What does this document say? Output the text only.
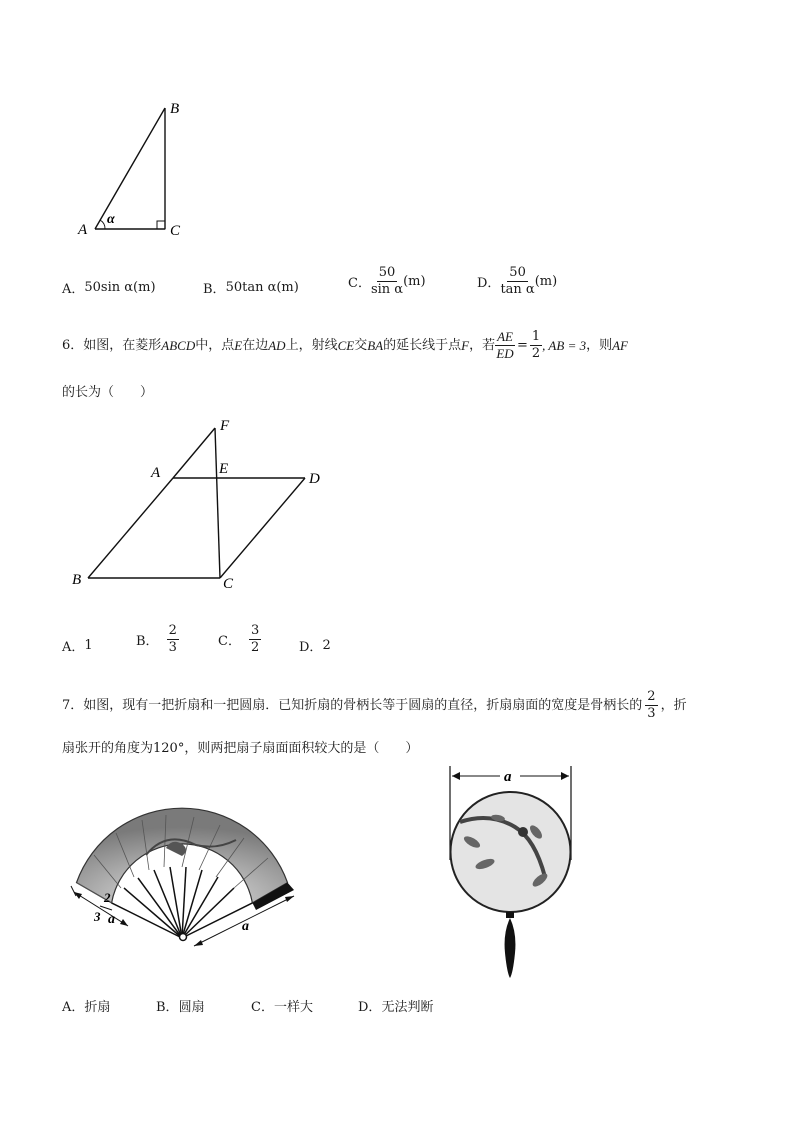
B
A	C
α
A． 50sin α(m)	B． 50tan α(m)	C． $\frac{50}{\text{sin α}} (m)$	D． $\frac{50}{\text{tan α}} (m)$
6．如图，在菱形 ABCD 中，点 E 在边 AD 上，射线 CE 交 BA 的延长线于点 F ，若 $\frac{AE}{ED} = \frac{1}{2}$ , AB = 3 ，则 AF
的长为（　　）
F
A	E
D
B	C
A． 1	B． $\frac{2}{3}$	C． $\frac{3}{2}$	D． 2
7．如图，现有一把折扇和一把圆扇．已知折扇的骨柄长等于圆扇的直径，折扇扇面的宽度是骨柄长的 $\frac{2}{3}$ ，折
扇张开的角度为120°，则两把扇子扇面面积较大的是（　　）
2
3 a	a
a
A． 折扇	B． 圆扇	C． 一样大	D． 无法判断
